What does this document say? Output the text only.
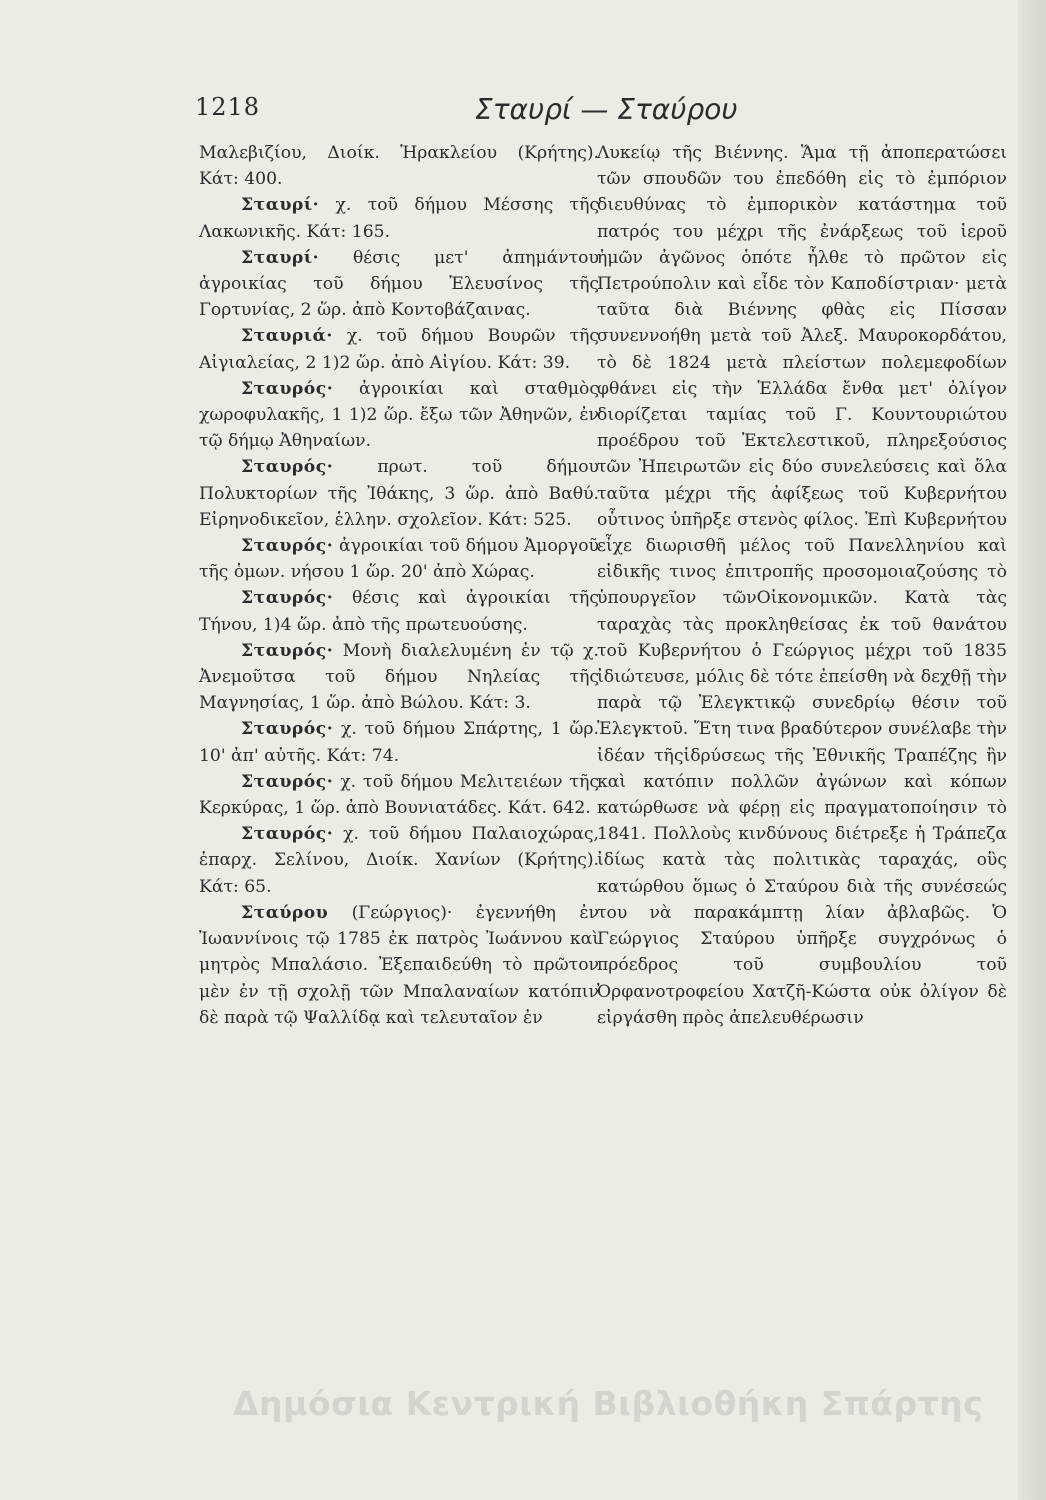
1218	Σταυρί — Σταύρου

Μαλεβιζίου, Διοίκ. Ἡρακλείου (Κρήτης). Κάτ: 400.

Σταυρί· χ. τοῦ δήμου Μέσσης τῆς Λακωνικῆς. Κάτ: 165.

Σταυρί· θέσις μετ' ἀπημάντου ἀγροικίας τοῦ δήμου Ἐλευσίνος τῆς Γορτυνίας, 2 ὥρ. ἀπὸ Κοντοβάζαινας.

Σταυριά· χ. τοῦ δήμου Βουρῶν τῆς Αἰγιαλείας, 2 1)2 ὥρ. ἀπὸ Αἰγίου. Κάτ: 39.

Σταυρός· ἀγροικίαι καὶ σταθμὸς χωροφυλακῆς, 1 1)2 ὥρ. ἔξω τῶν Ἀθηνῶν, ἐν τῷ δήμῳ Ἀθηναίων.

Σταυρός·	πρωτ. τοῦ δήμου Πολυκτορίων τῆς Ἰθάκης, 3 ὥρ. ἀπὸ Βαθύ. Εἰρηνοδικεῖον, ἑλλην. σχολεῖον. Κάτ: 525.

Σταυρός· ἀγροικίαι τοῦ δήμου Ἀμοργοῦ τῆς ὁμων. νήσου 1 ὥρ. 20' ἀπὸ Χώρας.

Σταυρός· θέσις καὶ ἀγροικίαι τῆς Τήνου, 1)4 ὥρ. ἀπὸ τῆς πρωτευούσης.

Σταυρός· Μονὴ διαλελυμένη ἐν τῷ χ. Ἀνεμοῦτσα τοῦ δήμου Νηλείας τῆς Μαγνησίας, 1 ὥρ. ἀπὸ Βώλου. Κάτ: 3.

Σταυρός· χ. τοῦ δήμου Σπάρτης, 1 ὥρ. 10' ἀπ' αὐτῆς. Κάτ: 74.

Σταυρός· χ. τοῦ δήμου Μελιτειέων τῆς Κερκύρας, 1 ὥρ. ἀπὸ Βουνιατάδες. Κάτ. 642.

Σταυρός· χ. τοῦ δήμου Παλαιοχώρας, ἐπαρχ. Σελίνου, Διοίκ. Χανίων (Κρήτης). Κάτ: 65.

Σταύρου (Γεώργιος)· ἐγεννήθη ἐν Ἰωαννίνοις τῷ 1785 ἐκ πατρὸς Ἰωάννου καὶ μητρὸς Μπαλάσιο. Ἐξεπαιδεύθη τὸ πρῶτον μὲν ἐν τῇ σχολῇ τῶν Μπαλαναίων κατόπιν δὲ παρὰ τῷ Ψαλλίδᾳ καὶ τελευταῖον ἐν

Λυκείῳ τῆς Βιέννης. Ἅμα τῇ ἀποπερατώσει τῶν σπουδῶν του ἐπεδόθη εἰς τὸ ἐμπόριον διευθύνας τὸ ἐμπορικὸν κατάστημα τοῦ πατρός του μέχρι τῆς ἐνάρξεως τοῦ ἱεροῦ ἡμῶν ἀγῶνος ὁπότε ἦλθε τὸ πρῶτον εἰς Πετρούπολιν καὶ εἶδε τὸν Καποδίστριαν· μετὰ ταῦτα διὰ Βιέννης φθὰς εἰς Πίσσαν συνεννοήθη μετὰ τοῦ Ἀλεξ. Μαυροκορδάτου, τὸ δὲ 1824 μετὰ πλείστων πολεμεφοδίων φθάνει εἰς τὴν Ἑλλάδα ἔνθα μετ' ὀλίγον διορίζεται ταμίας τοῦ Γ. Κουντουριώτου προέδρου τοῦ Ἐκτελεστικοῦ, πληρεξούσιος τῶν Ἠπειρωτῶν εἰς δύο συνελεύσεις καὶ ὅλα ταῦτα μέχρι τῆς ἀφίξεως τοῦ Κυβερνήτου οὗτινος ὑπῆρξε στενὸς φίλος. Ἐπὶ Κυβερνήτου εἶχε διωρισθῆ μέλος τοῦ Πανελληνίου καὶ εἰδικῆς τινος ἐπιτροπῆς προσομοιαζούσης τὸ ὑπουργεῖον τῶνΟἰκονομικῶν. Κατὰ τὰς ταραχὰς τὰς προκληθείσας ἐκ τοῦ θανάτου τοῦ Κυβερνήτου ὁ Γεώργιος μέχρι τοῦ 1835 ἰδιώτευσε, μόλις δὲ τότε ἐπείσθη νὰ δεχθῇ τὴν παρὰ τῷ Ἐλεγκτικῷ συνεδρίῳ θέσιν τοῦ Ἐλεγκτοῦ. Ἔτη τινα βραδύτερον συνέλαβε τὴν ἰδέαν τῆςἱδρύσεως τῆς Ἐθνικῆς Τραπέζης ἣν καὶ κατόπιν πολλῶν ἀγώνων καὶ κόπων κατώρθωσε νὰ φέρῃ εἰς πραγματοποίησιν τὸ 1841. Πολλοὺς κινδύνους διέτρεξε ἡ Τράπεζα ἰδίως κατὰ τὰς πολιτικὰς ταραχάς, οὓς κατώρθου ὅμως ὁ Σταύρου διὰ τῆς συνέσεώς του νὰ παρακάμπτῃ λίαν ἀβλαβῶς. Ὁ Γεώργιος Σταύρου ὑπῆρξε συγχρόνως ὁ πρόεδρος τοῦ συμβουλίου τοῦ Ὀρφανοτροφείου Χατζῆ-Κώστα οὐκ ὀλίγον δὲ εἰργάσθη πρὸς ἀπελευθέρωσιν

Δημόσια Κεντρική Βιβλιοθήκη Σπάρτης
